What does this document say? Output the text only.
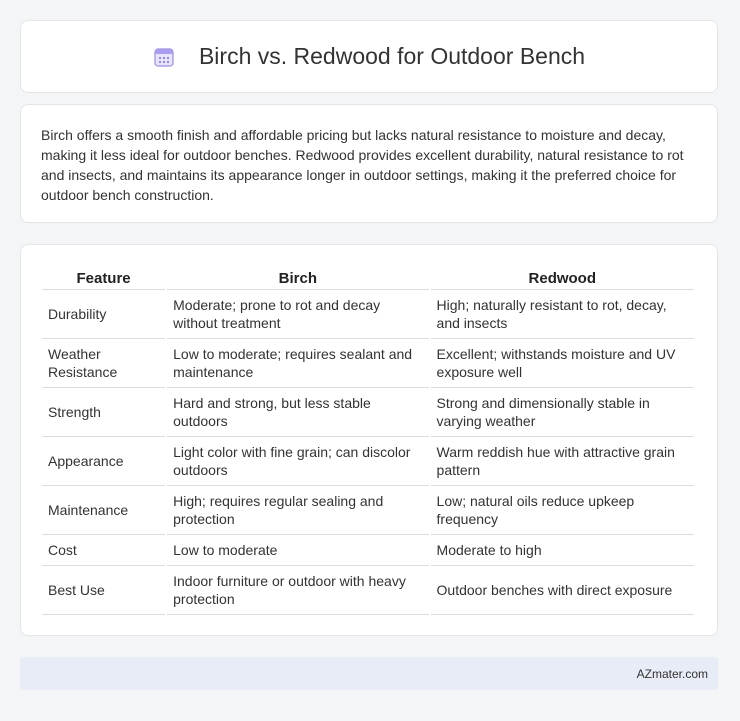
Birch vs. Redwood for Outdoor Bench

Birch offers a smooth finish and affordable pricing but lacks natural resistance to moisture and decay, making it less ideal for outdoor benches. Redwood provides excellent durability, natural resistance to rot and insects, and maintains its appearance longer in outdoor settings, making it the preferred choice for outdoor bench construction.

Feature	Birch	Redwood
Durability	Moderate; prone to rot and decay without treatment	High; naturally resistant to rot, decay, and insects
Weather Resistance	Low to moderate; requires sealant and maintenance	Excellent; withstands moisture and UV exposure well
Strength	Hard and strong, but less stable outdoors	Strong and dimensionally stable in varying weather
Appearance	Light color with fine grain; can discolor outdoors	Warm reddish hue with attractive grain pattern
Maintenance	High; requires regular sealing and protection	Low; natural oils reduce upkeep frequency
Cost	Low to moderate	Moderate to high
Best Use	Indoor furniture or outdoor with heavy protection	Outdoor benches with direct exposure
AZmater.com
